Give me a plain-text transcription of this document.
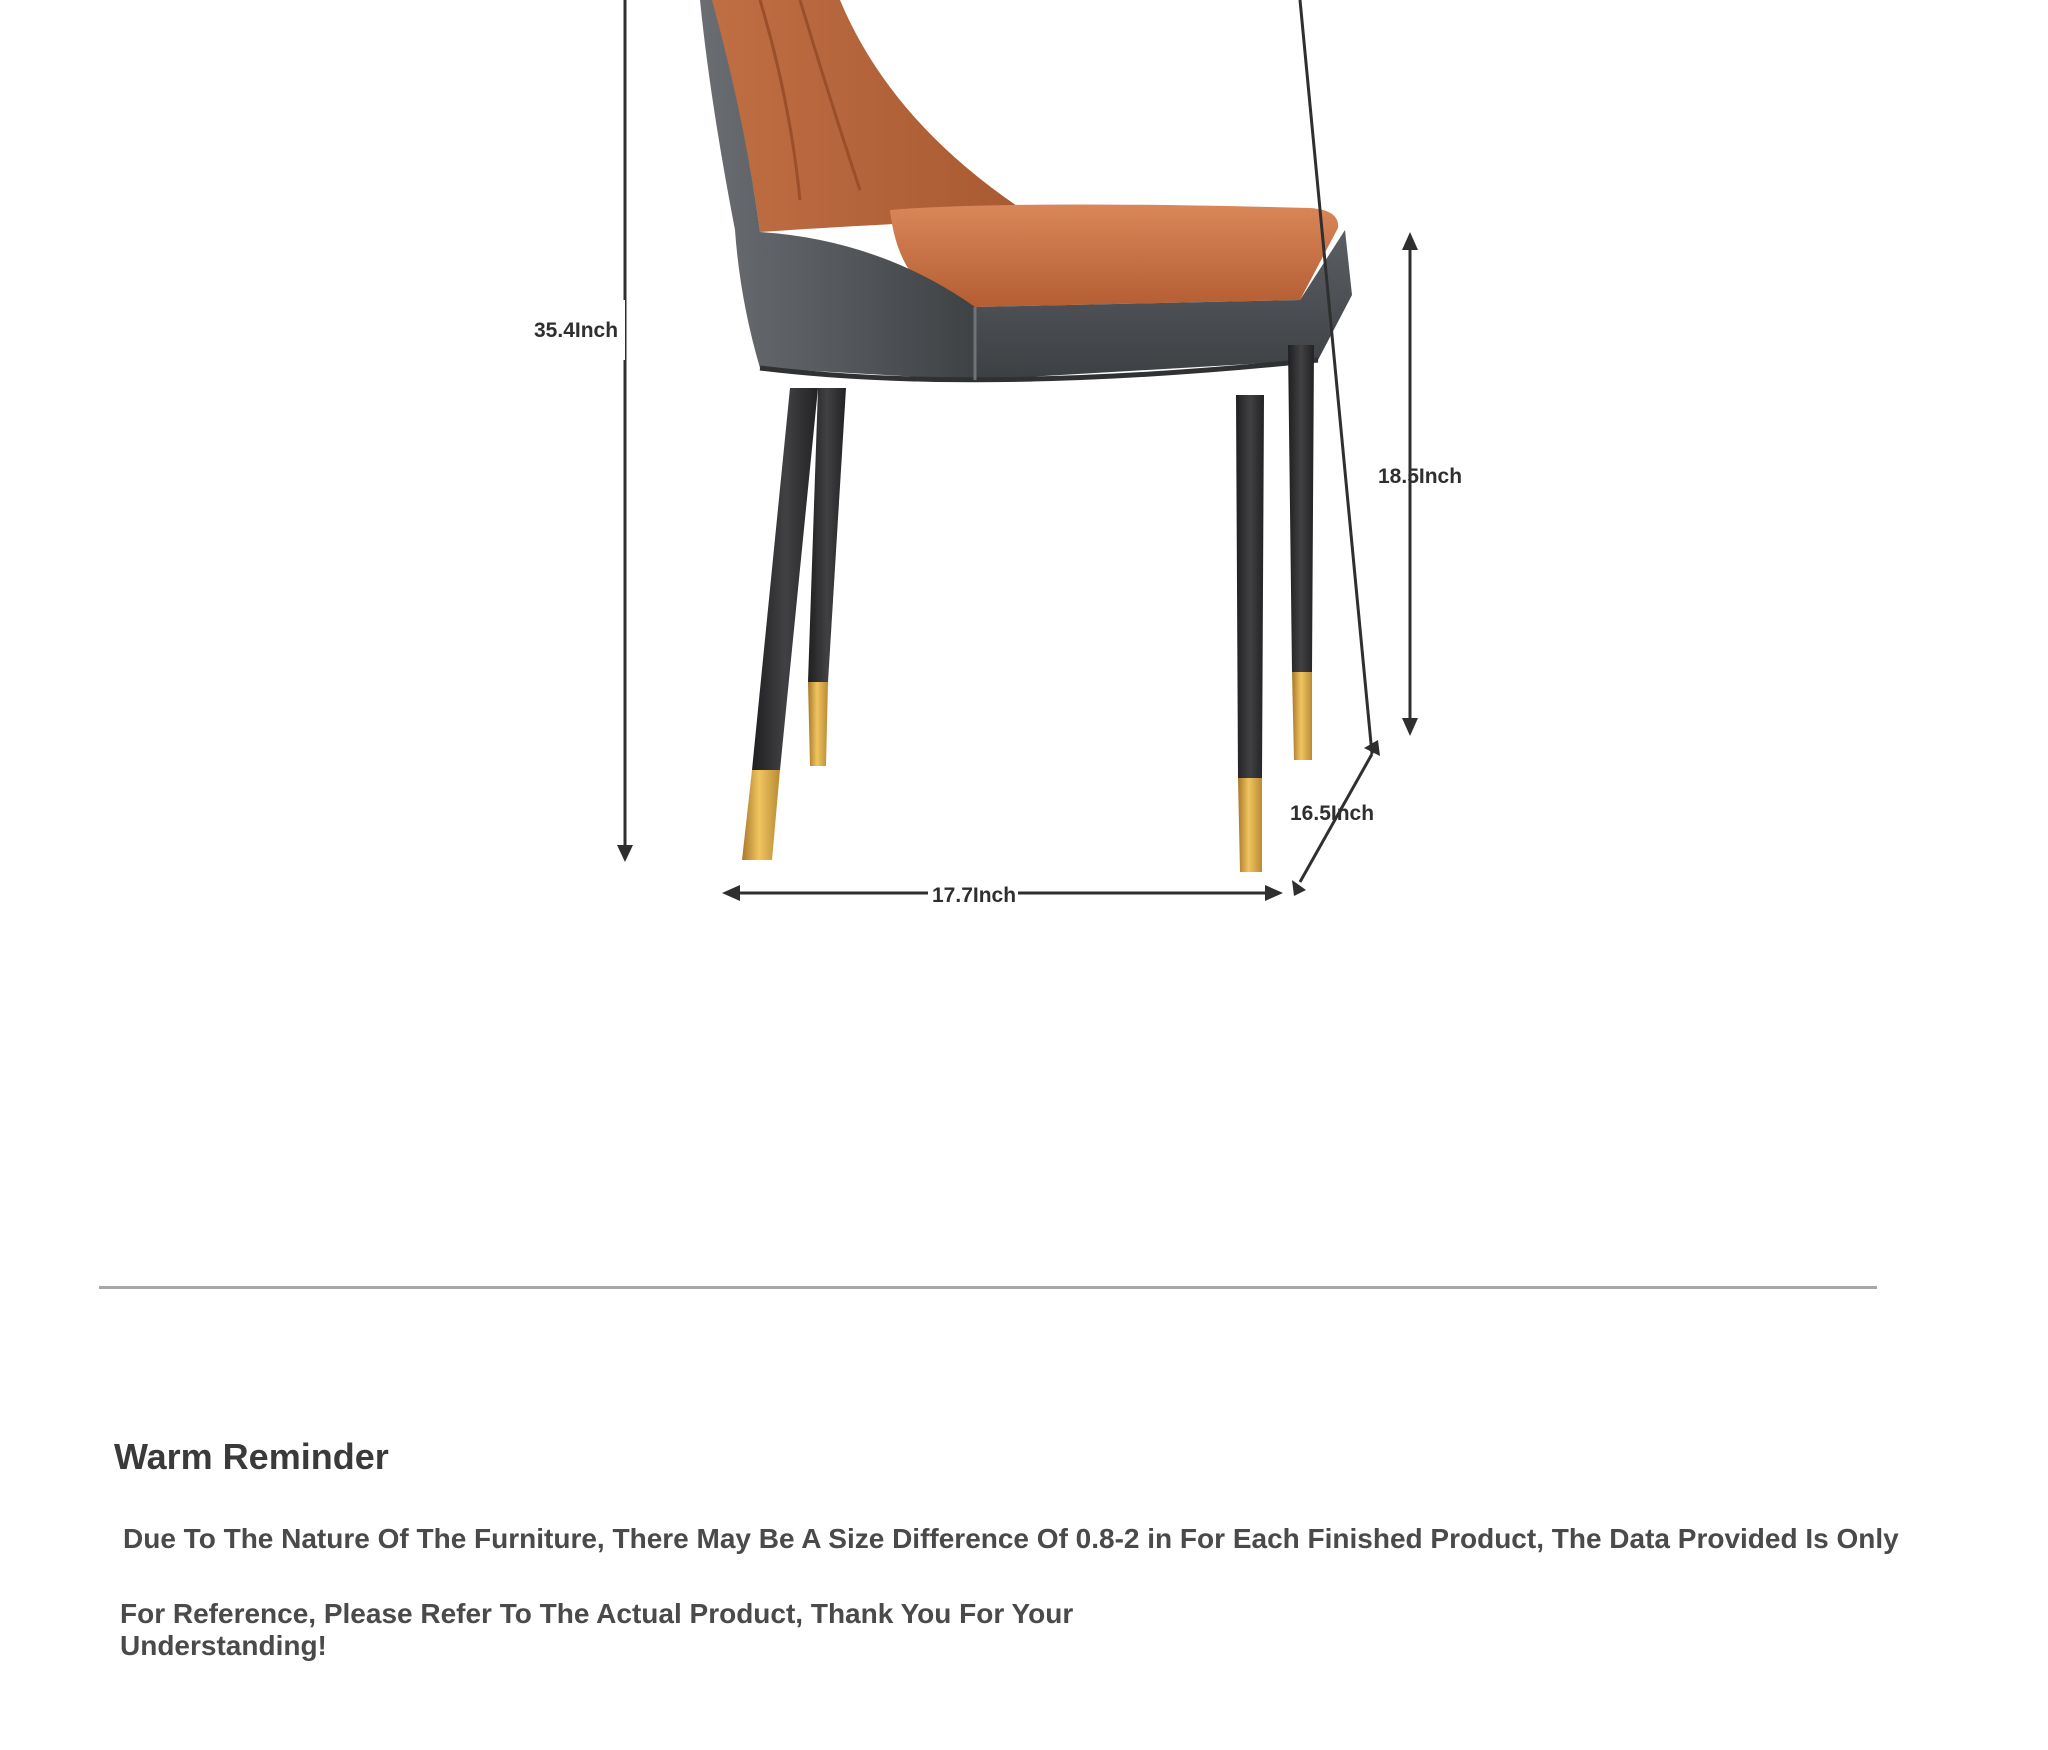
35.4Inch
18.5Inch
16.5Inch
17.7Inch
Warm Reminder

Due To The Nature Of The Furniture, There May Be A Size Difference Of 0.8-2 in For Each Finished Product, The Data Provided Is Only

For Reference, Please Refer To The Actual Product, Thank You For Your Understanding!
